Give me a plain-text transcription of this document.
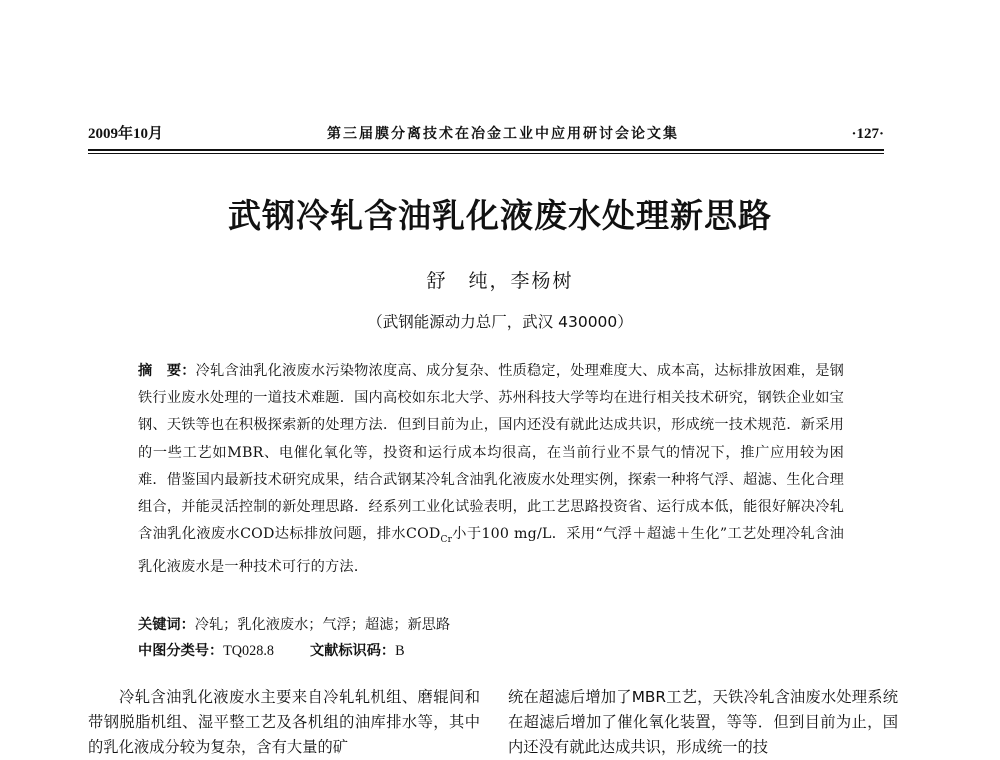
2009年10月	第三届膜分离技术在冶金工业中应用研讨会论文集	·127·
武钢冷轧含油乳化液废水处理新思路
舒　纯，李杨树
（武钢能源动力总厂，武汉 430000）
摘　要：冷轧含油乳化液废水污染物浓度高、成分复杂、性质稳定，处理难度大、成本高，达标排放困难，是钢铁行业废水处理的一道技术难题．国内高校如东北大学、苏州科技大学等均在进行相关技术研究，钢铁企业如宝钢、天铁等也在积极探索新的处理方法．但到目前为止，国内还没有就此达成共识，形成统一技术规范．新采用的一些工艺如MBR、电催化氧化等，投资和运行成本均很高，在当前行业不景气的情况下，推广应用较为困难．借鉴国内最新技术研究成果，结合武钢某冷轧含油乳化液废水处理实例，探索一种将气浮、超滤、生化合理组合，并能灵活控制的新处理思路．经系列工业化试验表明，此工艺思路投资省、运行成本低，能很好解决冷轧含油乳化液废水COD达标排放问题，排水$COD_{Cr}$小于100 mg/L．采用“气浮＋超滤＋生化”工艺处理冷轧含油乳化液废水是一种技术可行的方法．
关键词：冷轧；乳化液废水；气浮；超滤；新思路
中图分类号：TQ028.8	文献标识码：B
冷轧含油乳化液废水主要来自冷轧轧机组、磨辊间和带钢脱脂机组、湿平整工艺及各机组的油库排水等，其中的乳化液成分较为复杂，含有大量的矿
统在超滤后增加了MBR工艺，天铁冷轧含油废水处理系统在超滤后增加了催化氧化装置，等等．但到目前为止，国内还没有就此达成共识，形成统一的技
